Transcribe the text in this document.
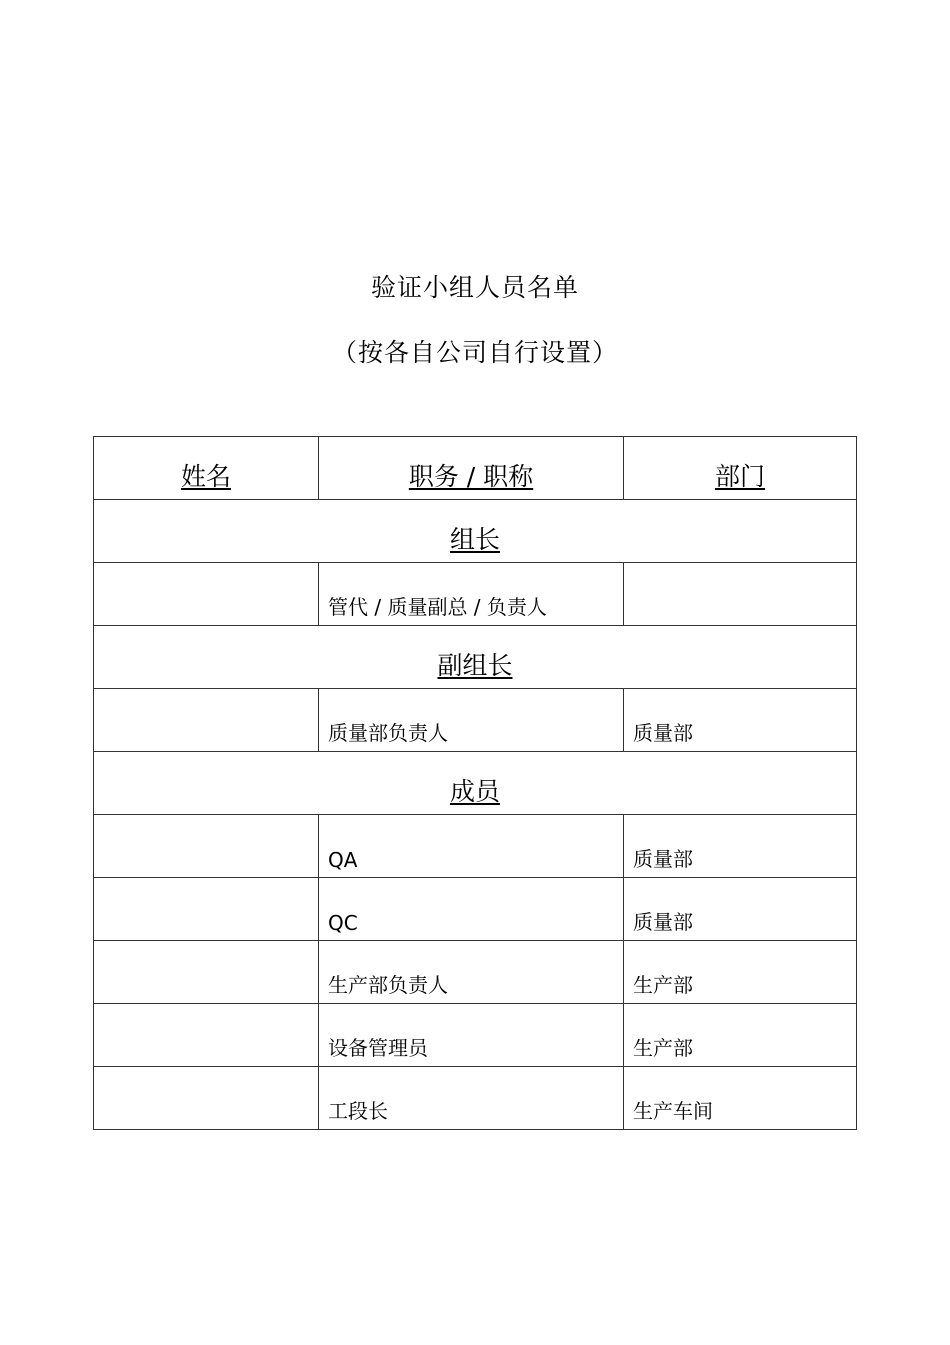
验证小组人员名单
（按各自公司自行设置）
姓名	职务 / 职称	部门
组长		
	管代 / 质量副总 / 负责人	
副组长		
	质量部负责人	质量部
成员		
	QA	质量部
	QC	质量部
	生产部负责人	生产部
	设备管理员	生产部
	工段长	生产车间
